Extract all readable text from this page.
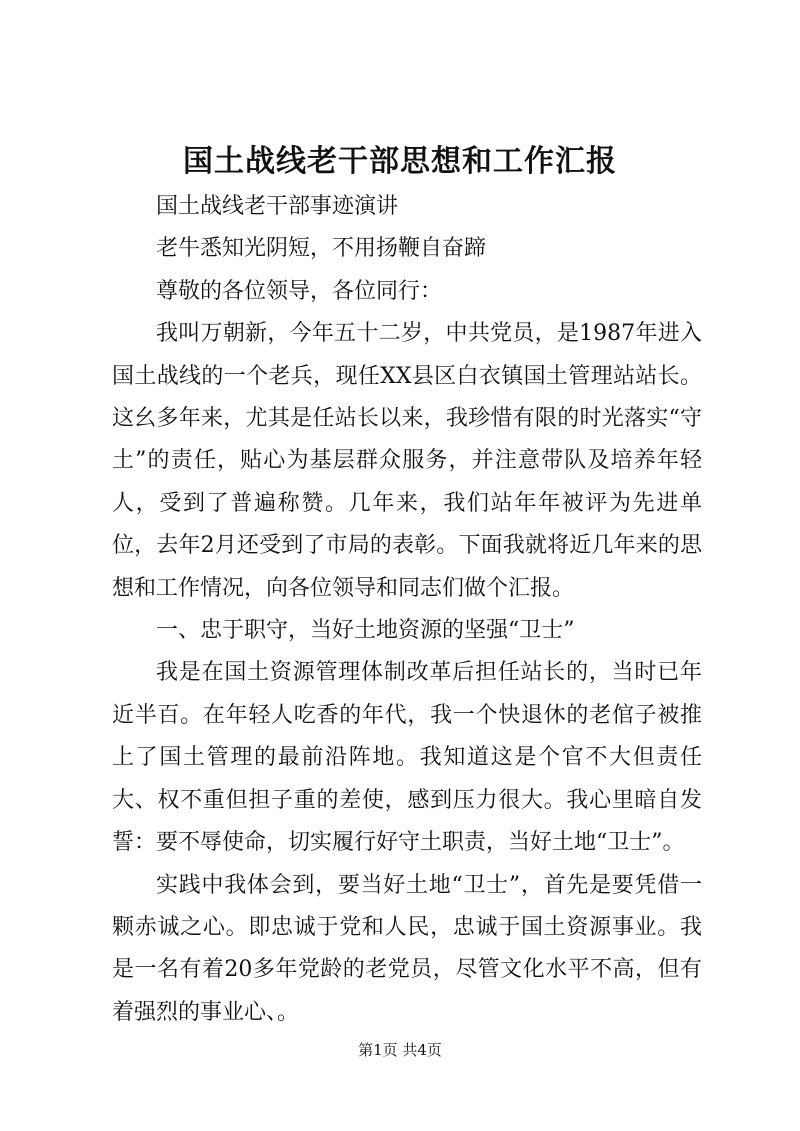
国土战线老干部思想和工作汇报

国土战线老干部事迹演讲

老牛悉知光阴短，不用扬鞭自奋蹄

尊敬的各位领导，各位同行：

我叫万朝新，今年五十二岁，中共党员，是1987年进入国土战线的一个老兵，现任XX县区白衣镇国土管理站站长。这幺多年来，尤其是任站长以来，我珍惜有限的时光落实“守土”的责任，贴心为基层群众服务，并注意带队及培养年轻人，受到了普遍称赞。几年来，我们站年年被评为先进单位，去年2月还受到了市局的表彰。下面我就将近几年来的思想和工作情况，向各位领导和同志们做个汇报。

一、忠于职守，当好土地资源的坚强“卫士”

我是在国土资源管理体制改革后担任站长的，当时已年近半百。在年轻人吃香的年代，我一个快退休的老倌子被推上了国土管理的最前沿阵地。我知道这是个官不大但责任大、权不重但担子重的差使，感到压力很大。我心里暗自发誓：要不辱使命，切实履行好守土职责，当好土地“卫士”。

实践中我体会到，要当好土地“卫士”，首先是要凭借一颗赤诚之心。即忠诚于党和人民，忠诚于国土资源事业。我是一名有着20多年党龄的老党员，尽管文化水平不高，但有着强烈的事业心、。

第1页 共4页
